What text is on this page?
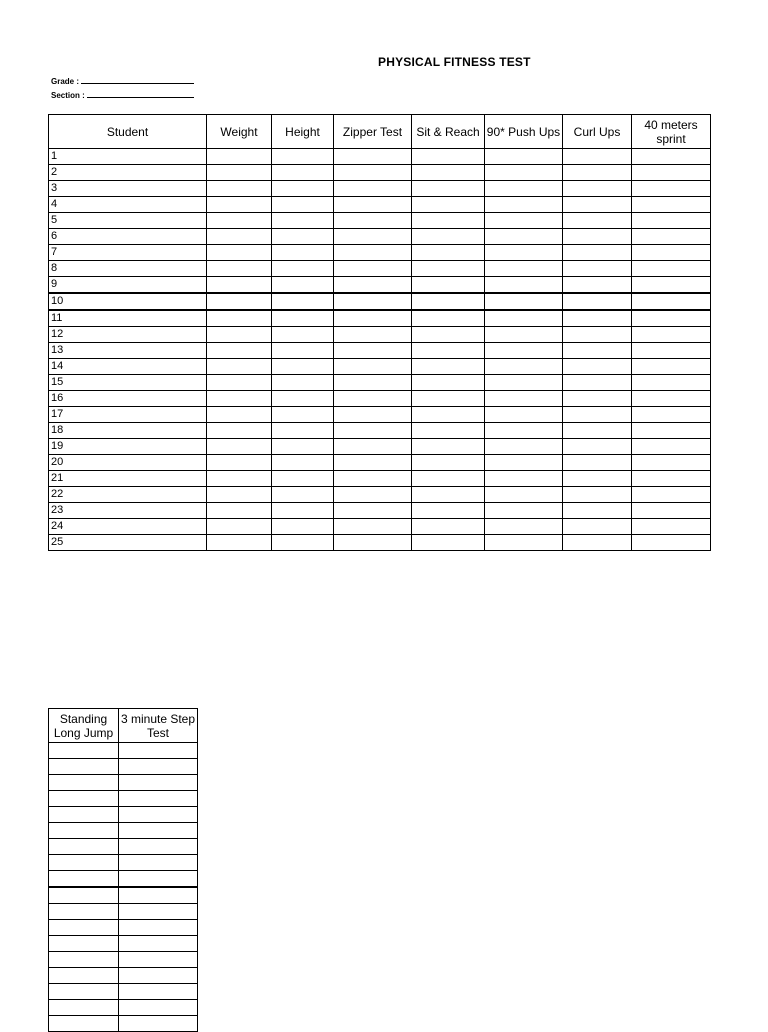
PHYSICAL FITNESS TEST
Grade :
Section :
Student	Weight	Height	Zipper Test	Sit & Reach	90* Push Ups	Curl Ups	40 meters sprint
1							
2							
3							
4							
5							
6							
7							
8							
9							
10							
11							
12							
13							
14							
15							
16							
17							
18							
19							
20							
21							
22							
23							
24							
25							
Standing Long Jump	3 minute Step Test
